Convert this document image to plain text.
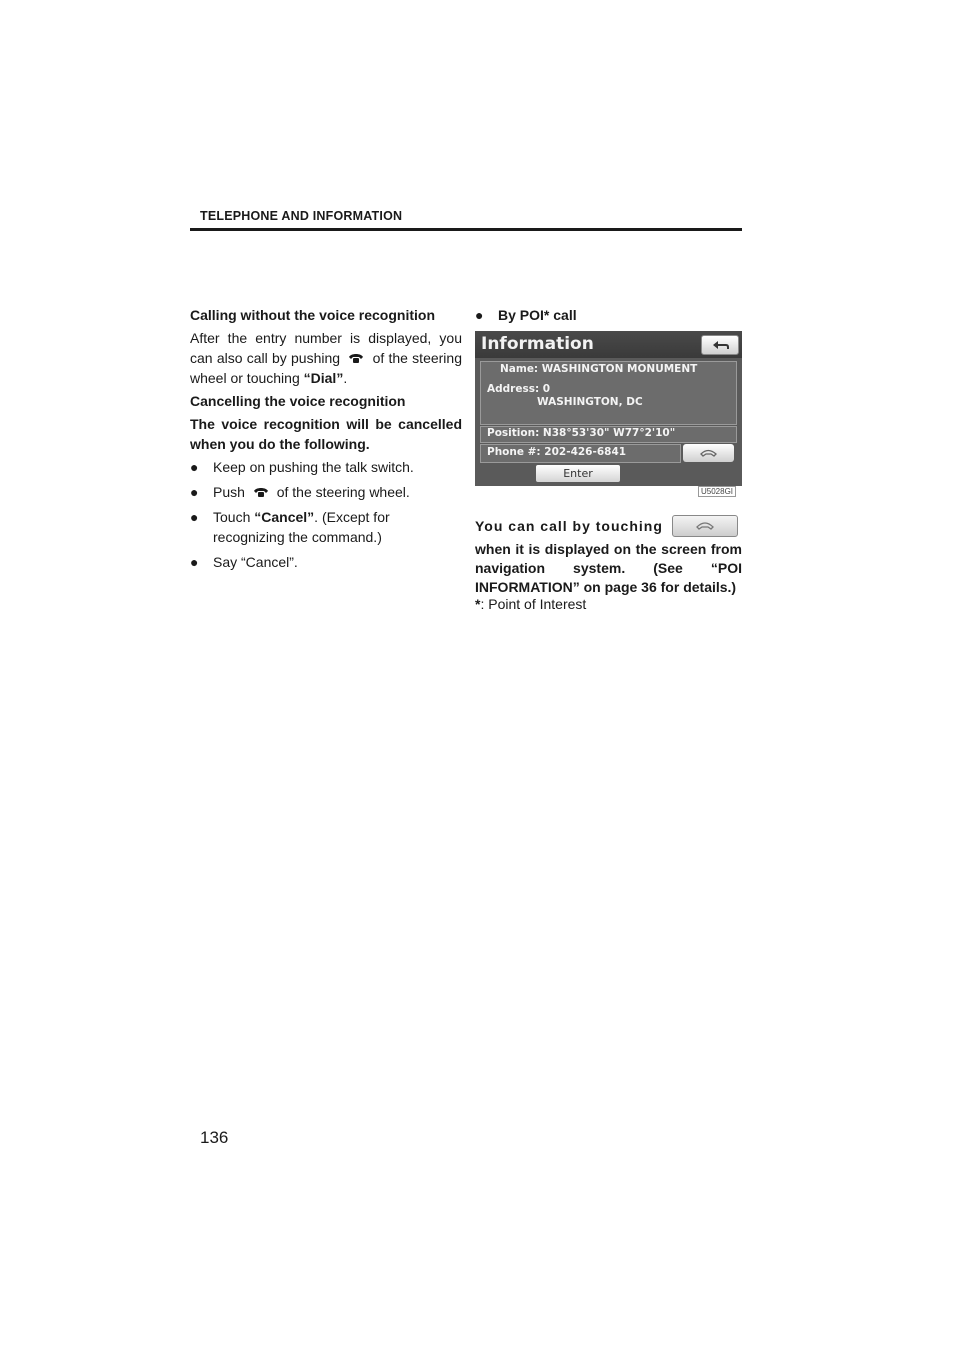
TELEPHONE AND INFORMATION

Calling without the voice recognition

After the entry number is displayed, you can also call by pushing of the steering wheel or touching “Dial”.

Cancelling the voice recognition

The voice recognition will be cancelled when you do the following.

● Keep on pushing the talk switch.
● Push of the steering wheel.
● Touch “Cancel”. (Except for recognizing the command.)
● Say “Cancel”.
● By POI* call
Information
Name: WASHINGTON MONUMENT
Address: 0
WASHINGTON, DC
Position: N38°53'30" W77°2'10"
Phone #: 202-426-6841
Enter
U5028GI
You can call by touching
when it is displayed on the screen from navigation system. (See “POI INFORMATION” on page 36 for details.)
*: Point of Interest
136
